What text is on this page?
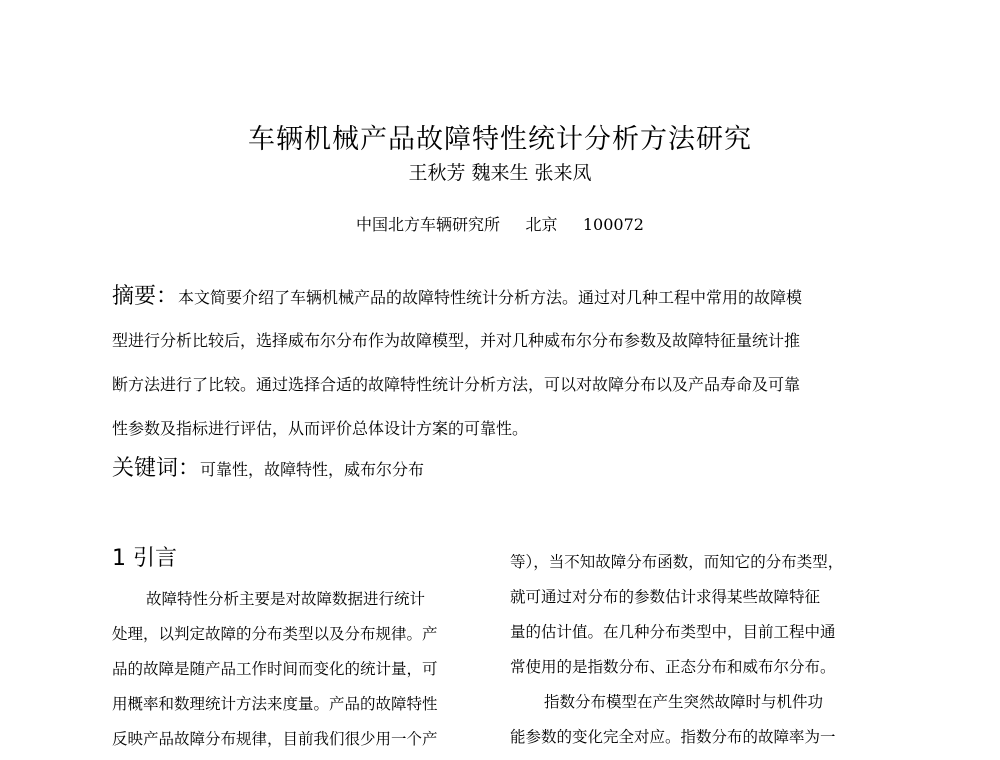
车辆机械产品故障特性统计分析方法研究
王秋芳 魏来生 张来凤
中国北方车辆研究所     北京     100072
摘要：本文简要介绍了车辆机械产品的故障特性统计分析方法。通过对几种工程中常用的故障模
型进行分析比较后，选择威布尔分布作为故障模型，并对几种威布尔分布参数及故障特征量统计推
断方法进行了比较。通过选择合适的故障特性统计分析方法，可以对故障分布以及产品寿命及可靠
性参数及指标进行评估，从而评价总体设计方案的可靠性。
关键词：可靠性，故障特性，威布尔分布
1 引言
故障特性分析主要是对故障数据进行统计
处理，以判定故障的分布类型以及分布规律。产
品的故障是随产品工作时间而变化的统计量，可
用概率和数理统计方法来度量。产品的故障特性
反映产品故障分布规律，目前我们很少用一个产
等），当不知故障分布函数，而知它的分布类型，
就可通过对分布的参数估计求得某些故障特征
量的估计值。在几种分布类型中，目前工程中通
常使用的是指数分布、正态分布和威布尔分布。
指数分布模型在产生突然故障时与机件功
能参数的变化完全对应。指数分布的故障率为一
